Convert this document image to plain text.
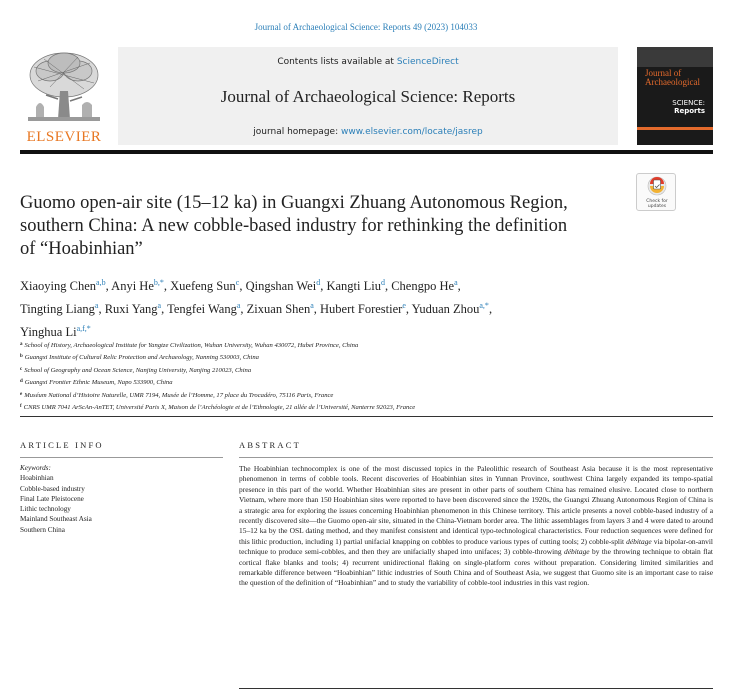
Journal of Archaeological Science: Reports 49 (2023) 104033
ELSEVIER
Contents lists available at ScienceDirect
Journal of Archaeological Science: Reports
journal homepage: www.elsevier.com/locate/jasrep
Journal of
Archaeological
SCIENCE:
Reports
Check for updates
Guomo open-air site (15–12 ka) in Guangxi Zhuang Autonomous Region,
southern China: A new cobble-based industry for rethinking the definition
of “Hoabinhian”
Xiaoying Chen$^{a,b}$, Anyi $He^{b,*}$, Xuefeng Sun$^c$, Qingshan Wei$^d$, Kangti Liu$^d$, Chengpo He$^a$,
Tingting Liang$^a$, Ruxi Yang$^a$, Tengfei Wang$^a$, Zixuan Shen$^a$, Hubert Forestier$^e$, Yuduan Zhou$^{a,*}$,
Yinghua $Li^{a,f,*}$
$^a$ School of History, Archaeological Institute for Yangtze Civilization, Wuhan University, Wuhan 430072, Hubei Province, China
$^b$ Guangxi Institute of Cultural Relic Protection and Archaeology, Nanning 530003, China
$^c$ School of Geography and Ocean Science, Nanjing University, Nanjing 210023, China
$^d$ Guangxi Frontier Ethnic Museum, Napo 533900, China
$^e$ Muséum National d’Histoire Naturelle, UMR 7194, Musée de l’Homme, 17 place du Trocadéro, 75116 Paris, France
$^f$ CNRS UMR 7041 ArScAn-AnTET, Université Paris X, Maison de l’Archéologie et de l’Ethnologie, 21 allée de l’Université, Nanterre 92023, France
ARTICLE INFO	ABSTRACT
Keywords:
Hoabinhian
Cobble-based industry
Final Late Pleistocene
Lithic technology
Mainland Southeast Asia
Southern China
The Hoabinhian technocomplex is one of the most discussed topics in the Paleolithic research of Southeast Asia because it is the most representative phenomenon in terms of cobble tools. Recent discoveries of Hoabinhian sites in Yunnan Province, southwest China largely expanded its tempo-spatial presence in this part of the world. Whether Hoabinhian sites are present in other parts of southern China has remained elusive. Located close to northern Vietnam, where more than 150 Hoabinhian sites were reported to have been discovered since the 1920s, the Guangxi Zhuang Autonomous Region of China is a strategic area for exploring the issues concerning Hoabinhian phenomenon in this Chinese territory. This article presents a novel cobble-based industry of a recently discovered site—the Guomo open-air site, situated in the China-Vietnam border area. The lithic assemblages from layers 3 and 4 were dated to around 15–12 ka by the OSL dating method, and they manifest consistent and identical typo-technological characteristics. Four reduction sequences were defined for this lithic production, including 1) partial unifacial knapping on cobbles to produce various types of cutting tools; 2) cobble-split débitage via bipolar-on-anvil technique to produce semi-cobbles, and then they are unifacially shaped into unifaces; 3) cobble-throwing débitage by the throwing technique to obtain flat cortical flake blanks and tools; 4) recurrent unidirectional flaking on single-platform cores without preparation. Considering limited similarities and remarkable difference between “Hoabinhian” lithic industries of South China and of Southeast Asia, we suggest that Guomo site is an important case to raise the question of the definition of “Hoabinhian” and to study the variability of cobble-tool industries in this vast region.
